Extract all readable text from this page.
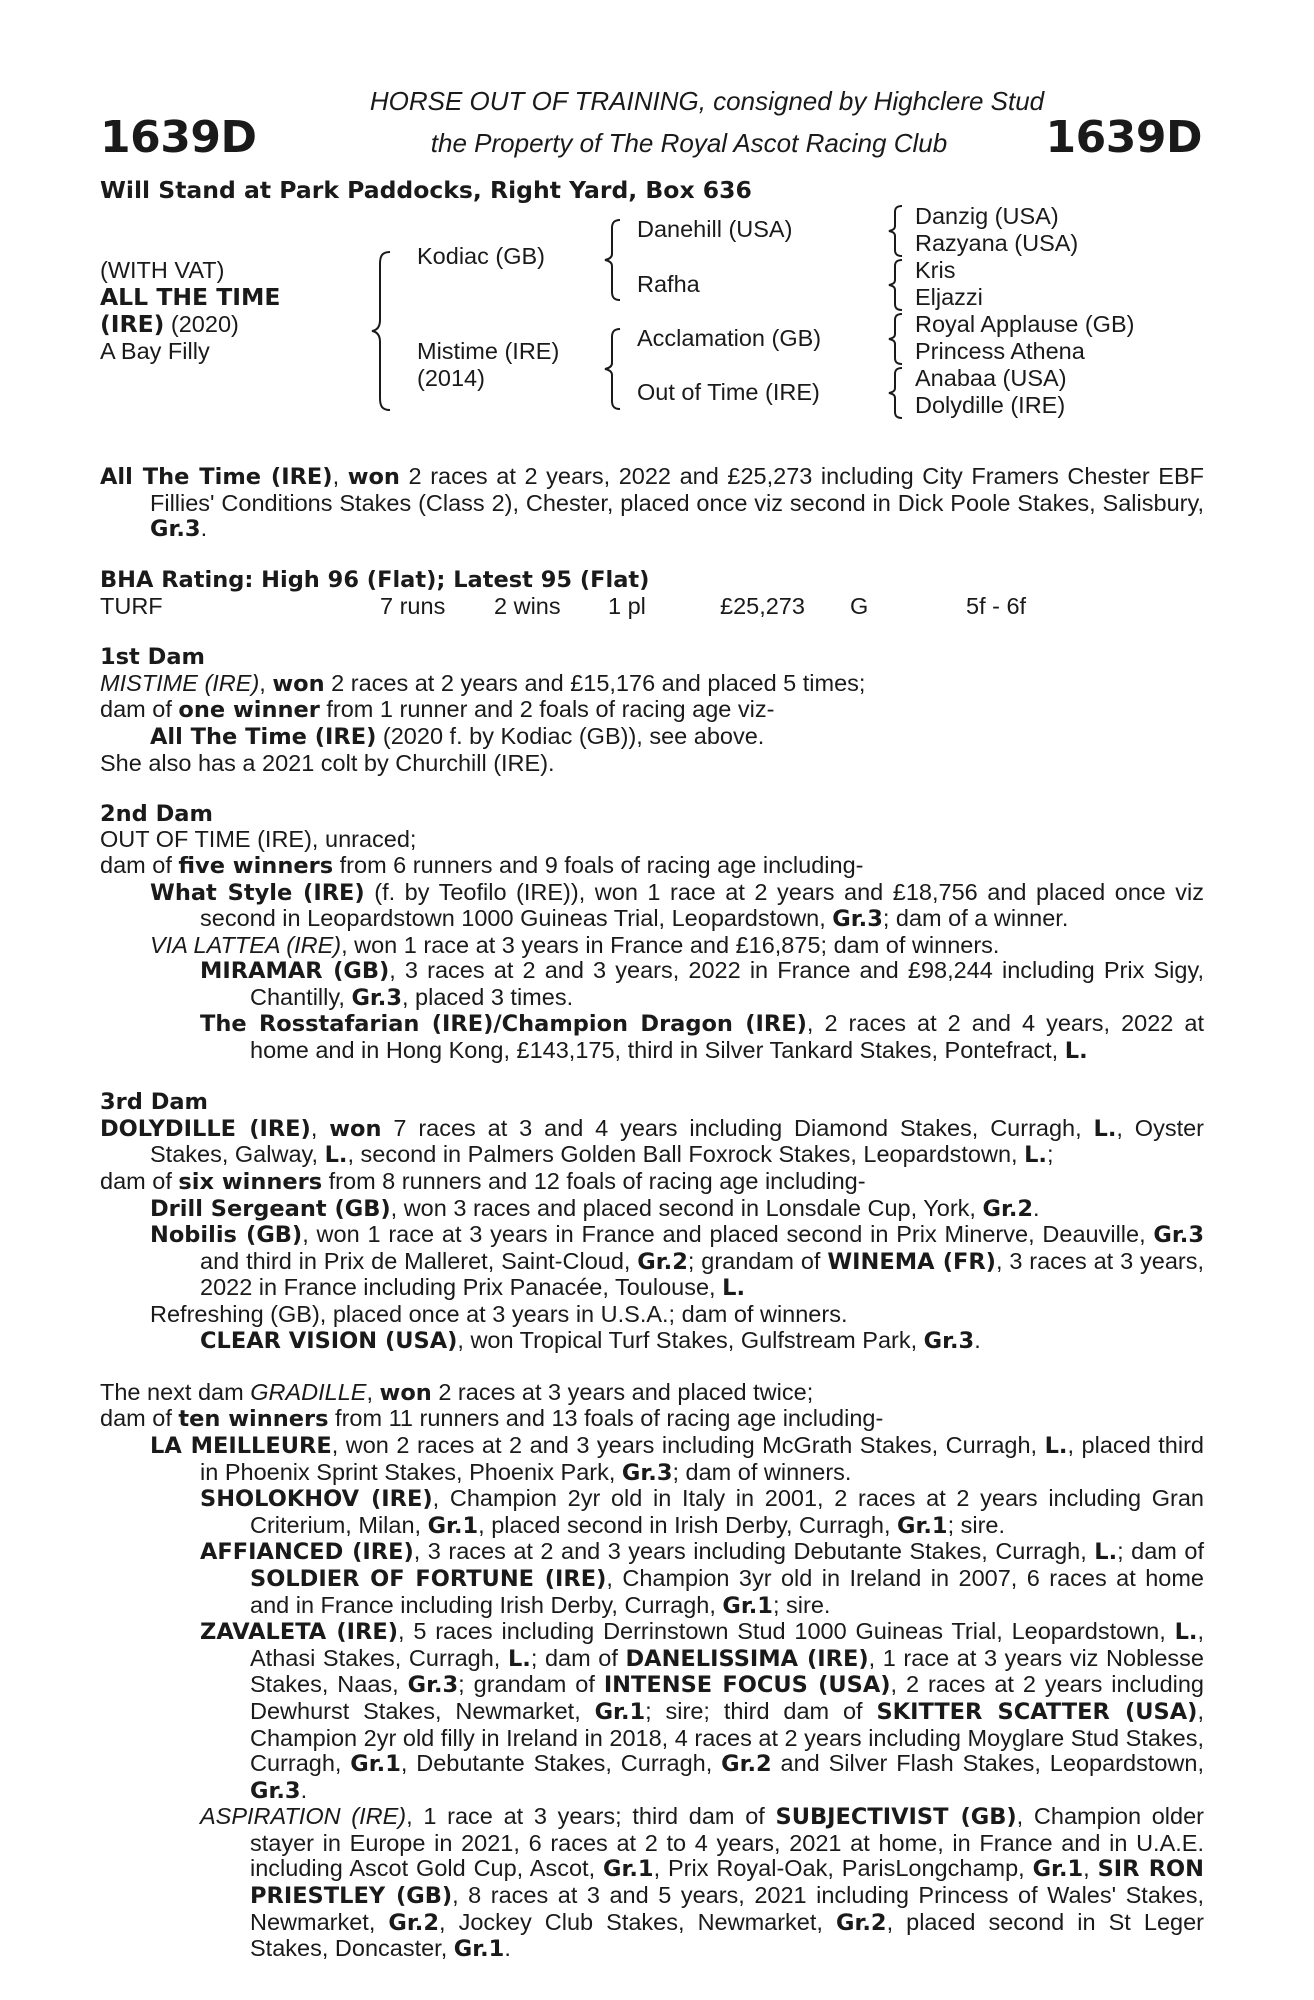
1639D	1639D
HORSE OUT OF TRAINING, consigned by Highclere Stud
the Property of The Royal Ascot Racing Club
Will Stand at Park Paddocks, Right Yard, Box 636
(WITH VAT)
ALL THE TIME
(IRE) (2020)
A Bay Filly
Kodiac (GB)
Mistime (IRE)
(2014)
Danehill (USA)
Rafha
Acclamation (GB)
Out of Time (IRE)
Danzig (USA)
Razyana (USA)
Kris
Eljazzi
Royal Applause (GB)
Princess Athena
Anabaa (USA)
Dolydille (IRE)

All The Time (IRE), won 2 races at 2 years, 2022 and £25,273 including City Framers Chester EBF Fillies' Conditions Stakes (Class 2), Chester, placed once viz second in Dick Poole Stakes, Salisbury, Gr.3.

BHA Rating: High 96 (Flat); Latest 95 (Flat)

TURF	7 runs 2 wins 1 pl	£25,273 G	5f - 6f

1st Dam

MISTIME (IRE), won 2 races at 2 years and £15,176 and placed 5 times;

dam of one winner from 1 runner and 2 foals of racing age viz-

All The Time (IRE) (2020 f. by Kodiac (GB)), see above.

She also has a 2021 colt by Churchill (IRE).

2nd Dam

OUT OF TIME (IRE), unraced;

dam of five winners from 6 runners and 9 foals of racing age including-

What Style (IRE) (f. by Teofilo (IRE)), won 1 race at 2 years and £18,756 and placed once viz second in Leopardstown 1000 Guineas Trial, Leopardstown, Gr.3; dam of a winner.

VIA LATTEA (IRE), won 1 race at 3 years in France and £16,875; dam of winners.

MIRAMAR (GB), 3 races at 2 and 3 years, 2022 in France and £98,244 including Prix Sigy, Chantilly, Gr.3, placed 3 times.

The Rosstafarian (IRE)/Champion Dragon (IRE), 2 races at 2 and 4 years, 2022 at home and in Hong Kong, £143,175, third in Silver Tankard Stakes, Pontefract, L.

3rd Dam

DOLYDILLE (IRE), won 7 races at 3 and 4 years including Diamond Stakes, Curragh, L., Oyster Stakes, Galway, L., second in Palmers Golden Ball Foxrock Stakes, Leopardstown, L.;

dam of six winners from 8 runners and 12 foals of racing age including-

Drill Sergeant (GB), won 3 races and placed second in Lonsdale Cup, York, Gr.2.

Nobilis (GB), won 1 race at 3 years in France and placed second in Prix Minerve, Deauville, Gr.3 and third in Prix de Malleret, Saint-Cloud, Gr.2; grandam of WINEMA (FR), 3 races at 3 years, 2022 in France including Prix Panacée, Toulouse, L.

Refreshing (GB), placed once at 3 years in U.S.A.; dam of winners.

CLEAR VISION (USA), won Tropical Turf Stakes, Gulfstream Park, Gr.3.

The next dam GRADILLE, won 2 races at 3 years and placed twice;

dam of ten winners from 11 runners and 13 foals of racing age including-

LA MEILLEURE, won 2 races at 2 and 3 years including McGrath Stakes, Curragh, L., placed third in Phoenix Sprint Stakes, Phoenix Park, Gr.3; dam of winners.

SHOLOKHOV (IRE), Champion 2yr old in Italy in 2001, 2 races at 2 years including Gran Criterium, Milan, Gr.1, placed second in Irish Derby, Curragh, Gr.1; sire.

AFFIANCED (IRE), 3 races at 2 and 3 years including Debutante Stakes, Curragh, L.; dam of SOLDIER OF FORTUNE (IRE), Champion 3yr old in Ireland in 2007, 6 races at home and in France including Irish Derby, Curragh, Gr.1; sire.

ZAVALETA (IRE), 5 races including Derrinstown Stud 1000 Guineas Trial, Leopardstown, L., Athasi Stakes, Curragh, L.; dam of DANELISSIMA (IRE), 1 race at 3 years viz Noblesse Stakes, Naas, Gr.3; grandam of INTENSE FOCUS (USA), 2 races at 2 years including Dewhurst Stakes, Newmarket, Gr.1; sire; third dam of SKITTER SCATTER (USA), Champion 2yr old filly in Ireland in 2018, 4 races at 2 years including Moyglare Stud Stakes, Curragh, Gr.1, Debutante Stakes, Curragh, Gr.2 and Silver Flash Stakes, Leopardstown, Gr.3.

ASPIRATION (IRE), 1 race at 3 years; third dam of SUBJECTIVIST (GB), Champion older stayer in Europe in 2021, 6 races at 2 to 4 years, 2021 at home, in France and in U.A.E. including Ascot Gold Cup, Ascot, Gr.1, Prix Royal-Oak, ParisLongchamp, Gr.1, SIR RON PRIESTLEY (GB), 8 races at 3 and 5 years, 2021 including Princess of Wales' Stakes, Newmarket, Gr.2, Jockey Club Stakes, Newmarket, Gr.2, placed second in St Leger Stakes, Doncaster, Gr.1.
